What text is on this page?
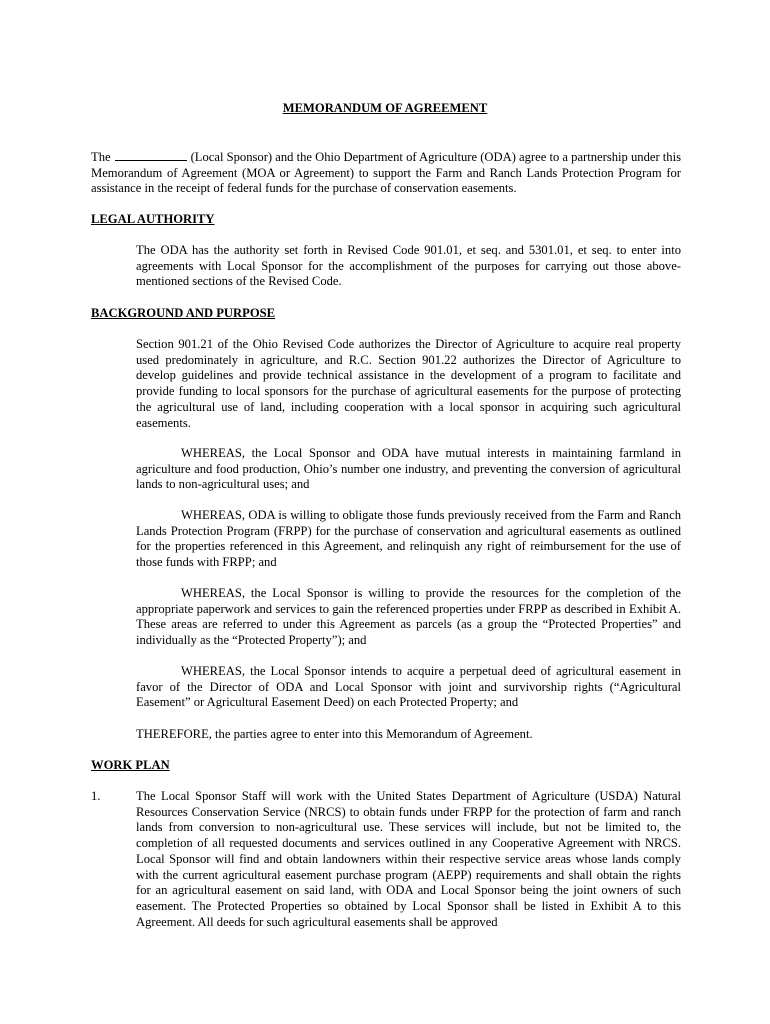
MEMORANDUM OF AGREEMENT

The	(Local Sponsor) and the Ohio Department of Agriculture (ODA) agree to a partnership under this Memorandum of Agreement (MOA or Agreement) to support the Farm and Ranch Lands Protection Program for assistance in the receipt of federal funds for the purchase of conservation easements.

LEGAL AUTHORITY

The ODA has the authority set forth in Revised Code 901.01, et seq. and 5301.01, et seq. to enter into agreements with Local Sponsor for the accomplishment of the purposes for carrying out those above-mentioned sections of the Revised Code.

BACKGROUND AND PURPOSE

Section 901.21 of the Ohio Revised Code authorizes the Director of Agriculture to acquire real property used predominately in agriculture, and R.C. Section 901.22 authorizes the Director of Agriculture to develop guidelines and provide technical assistance in the development of a program to facilitate and provide funding to local sponsors for the purchase of agricultural easements for the purpose of protecting the agricultural use of land, including cooperation with a local sponsor in acquiring such agricultural easements.

WHEREAS, the Local Sponsor and ODA have mutual interests in maintaining farmland in agriculture and food production, Ohio’s number one industry, and preventing the conversion of agricultural lands to non-agricultural uses; and

WHEREAS, ODA is willing to obligate those funds previously received from the Farm and Ranch Lands Protection Program (FRPP) for the purchase of conservation and agricultural easements as outlined for the properties referenced in this Agreement, and relinquish any right of reimbursement for the use of those funds with FRPP; and

WHEREAS, the Local Sponsor is willing to provide the resources for the completion of the appropriate paperwork and services to gain the referenced properties under FRPP as described in Exhibit A. These areas are referred to under this Agreement as parcels (as a group the “Protected Properties” and individually as the “Protected Property”); and

WHEREAS, the Local Sponsor intends to acquire a perpetual deed of agricultural easement in favor of the Director of ODA and Local Sponsor with joint and survivorship rights (“Agricultural Easement” or Agricultural Easement Deed) on each Protected Property; and

THEREFORE, the parties agree to enter into this Memorandum of Agreement.

WORK PLAN
1.	The Local Sponsor Staff will work with the United States Department of Agriculture (USDA) Natural Resources Conservation Service (NRCS) to obtain funds under FRPP for the protection of farm and ranch lands from conversion to non-agricultural use. These services will include, but not be limited to, the completion of all requested documents and services outlined in any Cooperative Agreement with NRCS. Local Sponsor will find and obtain landowners within their respective service areas whose lands comply with the current agricultural easement purchase program (AEPP) requirements and shall obtain the rights for an agricultural easement on said land, with ODA and Local Sponsor being the joint owners of such easement. The Protected Properties so obtained by Local Sponsor shall be listed in Exhibit A to this Agreement. All deeds for such agricultural easements shall be approved
